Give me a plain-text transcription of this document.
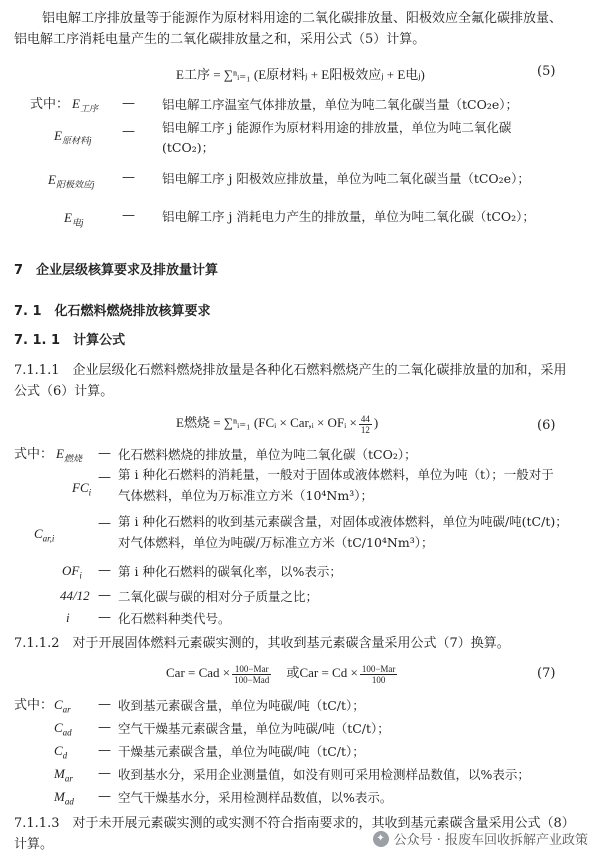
铝电解工序排放量等于能源作为原材料用途的二氧化碳排放量、阳极效应全氟化碳排放量、
铝电解工序消耗电量产生的二氧化碳排放量之和，采用公式（5）计算。
E工序 = ∑ⁿᵢ₌₁ (E原材料ⱼ + E阳极效应ⱼ + E电ⱼ)	(5)
式中： $E_{工序}$ — 铝电解工序温室气体排放量，单位为吨二氧化碳当量（tCO₂e）；
$E_{原材料j}$
— 铝电解工序 j 能源作为原材料用途的排放量，单位为吨二氧化碳
(tCO₂)；
$E_{阳极效应j}$ — 铝电解工序 j 阳极效应排放量，单位为吨二氧化碳当量（tCO₂e）；
$E_{电j}$	— 铝电解工序 j 消耗电力产生的排放量，单位为吨二氧化碳（tCO₂）；
7　企业层级核算要求及排放量计算
7. 1　化石燃料燃烧排放核算要求
7. 1. 1　计算公式
7.1.1.1　企业层级化石燃料燃烧排放量是各种化石燃料燃烧产生的二氧化碳排放量的加和，采用公式（6）计算。
E燃烧 = ∑ⁿᵢ₌₁ (FCᵢ × Car,ᵢ × OFᵢ × $\frac{44}{12}$ )	(6)
式中： $E_{燃烧}$ — 化石燃料燃烧的排放量，单位为吨二氧化碳（tCO₂）；
$FC_i$
— 第 i 种化石燃料的消耗量，一般对于固体或液体燃料，单位为吨（t）；一般对于
气体燃料，单位为万标准立方米（10⁴Nm³）；
$C_{ar,i}$
— 第 i 种化石燃料的收到基元素碳含量，对固体或液体燃料，单位为吨碳/吨(tC/t)；
对气体燃料，单位为吨碳/万标准立方米（tC/10⁴Nm³）；
$OF_i$ — 第 i 种化石燃料的碳氧化率，以%表示；
44/12 — 二氧化碳与碳的相对分子质量之比；
i — 化石燃料种类代号。
7.1.1.2　对于开展固体燃料元素碳实测的，其收到基元素碳含量采用公式（7）换算。
Car = Cad × $\frac{\text{100−Mar}}{\text{100−Mad}}$ 或Car = $Cd \times \frac{\text{100−Mar}}{100}$	(7)
式中： $C_{ar}$ — 收到基元素碳含量，单位为吨碳/吨（tC/t）；
$C_{ad}$ — 空气干燥基元素碳含量，单位为吨碳/吨（tC/t）；
$C_d$ — 干燥基元素碳含量，单位为吨碳/吨（tC/t）；
$M_{ar}$ — 收到基水分，采用企业测量值，如没有则可采用检测样品数值，以%表示；
$M_{ad}$ — 空气干燥基水分，采用检测样品数值，以%表示。
7.1.1.3　对于未开展元素碳实测的或实测不符合指南要求的，其收到基元素碳含量采用公式（8）
计算。	✦ 公众号 · 报废车回收拆解产业政策
